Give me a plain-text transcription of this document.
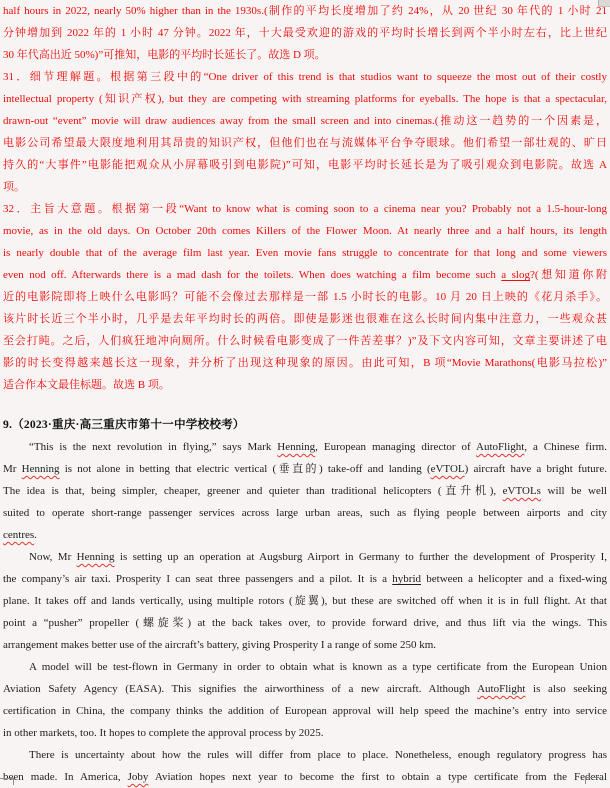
half hours in 2022, nearly 50% higher than in the 1930s.(制作的平均长度增加了约 24%，从 20 世纪 30 年代的 1 小时 21
分钟增加到 2022 年的 1 小时 47 分钟。2022 年，十大最受欢迎的游戏的平均时长增长到两个半小时左右，比上世纪
30 年代高出近 50%)”可推知，电影的平均时长延长了。故选 D 项。
31．细节理解题。根据第三段中的“One driver of this trend is that studios want to squeeze the most out of their costly
intellectual property (知识产权), but they are competing with streaming platforms for eyeballs. The hope is that a spectacular,
drawn-out “event” movie will draw audiences away from the small screen and into cinemas.(推动这一趋势的一个因素是，
电影公司希望最大限度地利用其昂贵的知识产权，但他们也在与流媒体平台争夺眼球。他们希望一部壮观的、旷日
持久的“大事件”电影能把观众从小屏幕吸引到电影院)”可知，电影平均时长延长是为了吸引观众到电影院。故选 A
项。
32．主旨大意题。根据第一段“Want to know what is coming soon to a cinema near you? Probably not a 1.5-hour-long
movie, as in the old days. On October 20th comes Killers of the Flower Moon. At nearly three and a half hours, its length
is nearly double that of the average film last year. Even movie fans struggle to concentrate for that long and some viewers
even nod off. Afterwards there is a mad dash for the toilets. When does watching a film become such a slog?(想知道你附
近的电影院即将上映什么电影吗？可能不会像过去那样是一部 1.5 小时长的电影。10 月 20 日上映的《花月杀手》。
该片时长近三个半小时，几乎是去年平均时长的两倍。即使是影迷也很难在这么长时间内集中注意力，一些观众甚
至会打盹。之后，人们疯狂地冲向厕所。什么时候看电影变成了一件苦差事？)”及下文内容可知，文章主要讲述了电
影的时长变得越来越长这一现象，并分析了出现这种现象的原因。由此可知，B 项“Movie Marathons(电影马拉松)”
适合作本文最佳标题。故选 B 项。
9.（2023·重庆·高三重庆市第十一中学校校考）
“This is the next revolution in flying,” says Mark Henning, European managing director of AutoFlight, a Chinese firm.
Mr Henning is not alone in betting that electric vertical (垂直的) take-off and landing (eVTOL) aircraft have a bright future.
The idea is that, being simpler, cheaper, greener and quieter than traditional helicopters (直升机), eVTOLs will be well
suited to operate short-range passenger services across large urban areas, such as flying people between airports and city
centres.
Now, Mr Henning is setting up an operation at Augsburg Airport in Germany to further the development of Prosperity I,
the company’s air taxi. Prosperity I can seat three passengers and a pilot. It is a hybrid between a helicopter and a fixed-wing
plane. It takes off and lands vertically, using multiple rotors (旋翼), but these are switched off when it is in full flight. At that
point a “pusher” propeller (螺旋桨) at the back takes over, to provide forward drive, and thus lift via the wings. This
arrangement makes better use of the aircraft’s battery, giving Prosperity I a range of some 250 km.
A model will be test-flown in Germany in order to obtain what is known as a type certificate from the European Union
Aviation Safety Agency (EASA). This signifies the airworthiness of a new aircraft. Although AutoFlight is also seeking
certification in China, the company thinks the addition of European approval will help speed the machine’s entry into service
in other markets, too. It hopes to complete the approval process by 2025.
There is uncertainty about how the rules will differ from place to place. Nonetheless, enough regulatory progress has
been made. In America, Joby Aviation hopes next year to become the first to obtain a type certificate from the Federal
